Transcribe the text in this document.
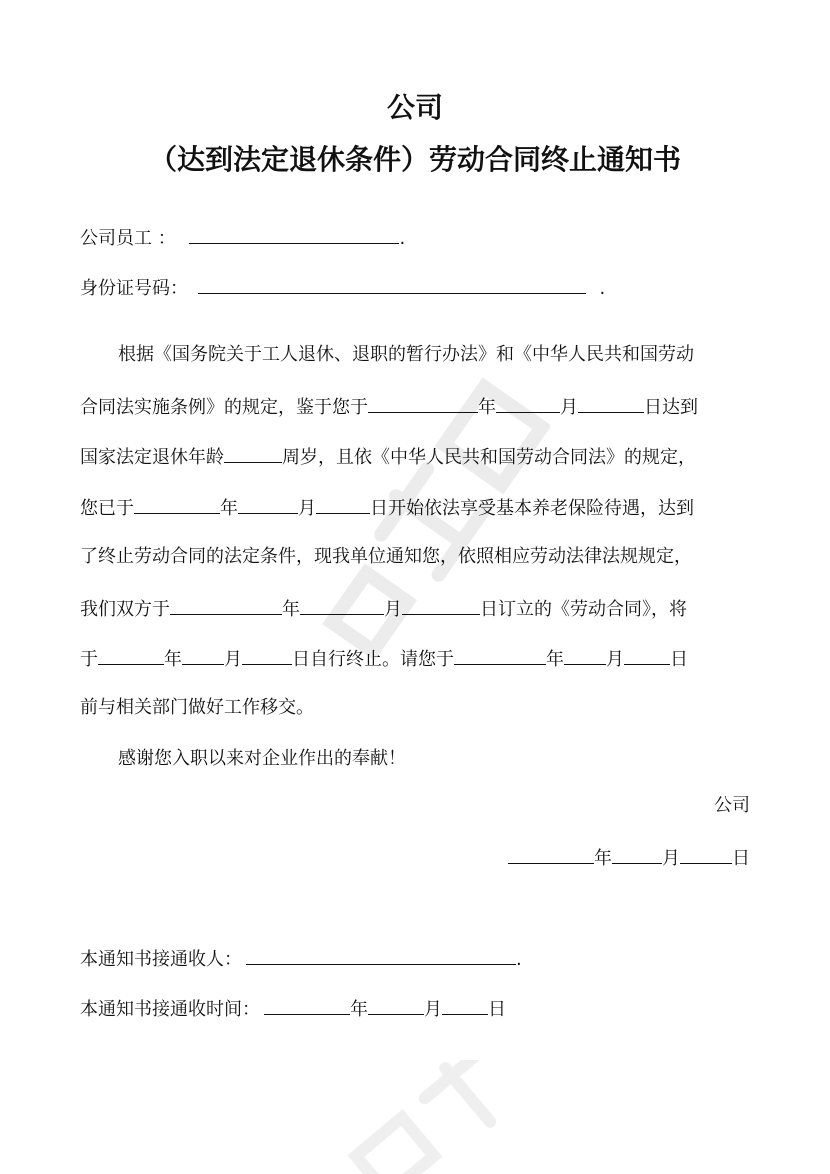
公司
（达到法定退休条件）劳动合同终止通知书
公司员工 ：	.
身份证号码：	.
根据《国务院关于工人退休、退职的暂行办法》和《中华人民共和国劳动
合同法实施条例》的规定，鉴于您于	年	月	日达到
国家法定退休年龄	周岁，且依《中华人民共和国劳动合同法》的规定，
您已于	年	月	日开始依法享受基本养老保险待遇，达到
了终止劳动合同的法定条件，现我单位通知您，依照相应劳动法律法规规定，
我们双方于	年	月	日订立的《劳动合同》，将
于	年 月	日自行终止。请您于	年 月	日
前与相关部门做好工作移交。
感谢您入职以来对企业作出的奉献！
公司
年	月	日
本通知书接通收人：	.
本通知书接通收时间：	年	月	日
